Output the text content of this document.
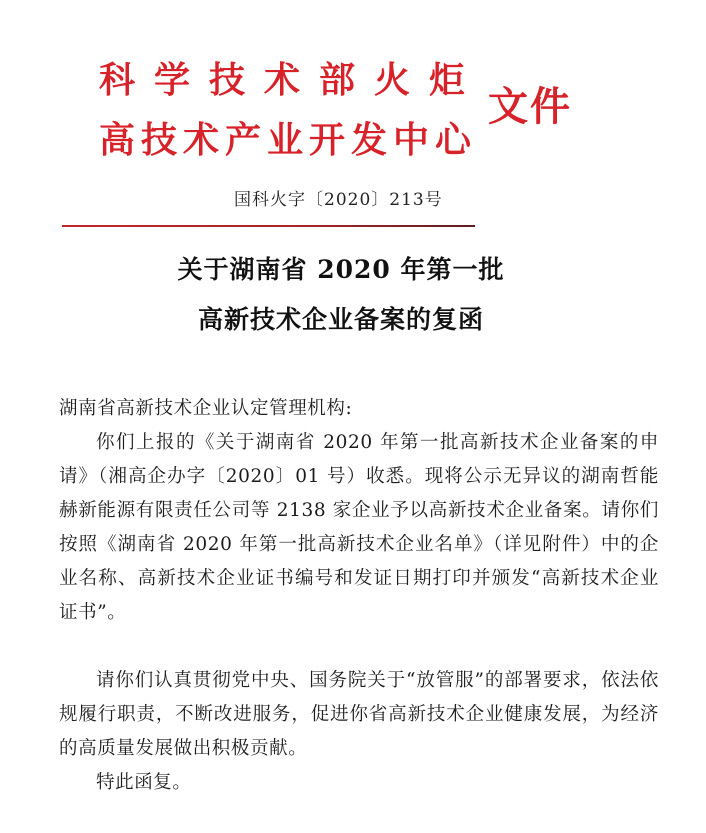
科学技术部火炬
高技术产业开发中心
文件
国科火字〔2020〕213号
关于湖南省 2020 年第一批
高新技术企业备案的复函
湖南省高新技术企业认定管理机构:
你们上报的《关于湖南省 2020 年第一批高新技术企业备案的申请》（湘高企办字〔2020〕01 号）收悉。现将公示无异议的湖南哲能赫新能源有限责任公司等 2138 家企业予以高新技术企业备案。请你们按照《湖南省 2020 年第一批高新技术企业名单》（详见附件）中的企业名称、高新技术企业证书编号和发证日期打印并颁发“高新技术企业证书”。
请你们认真贯彻党中央、国务院关于“放管服”的部署要求，依法依规履行职责，不断改进服务，促进你省高新技术企业健康发展，为经济的高质量发展做出积极贡献。
特此函复。
